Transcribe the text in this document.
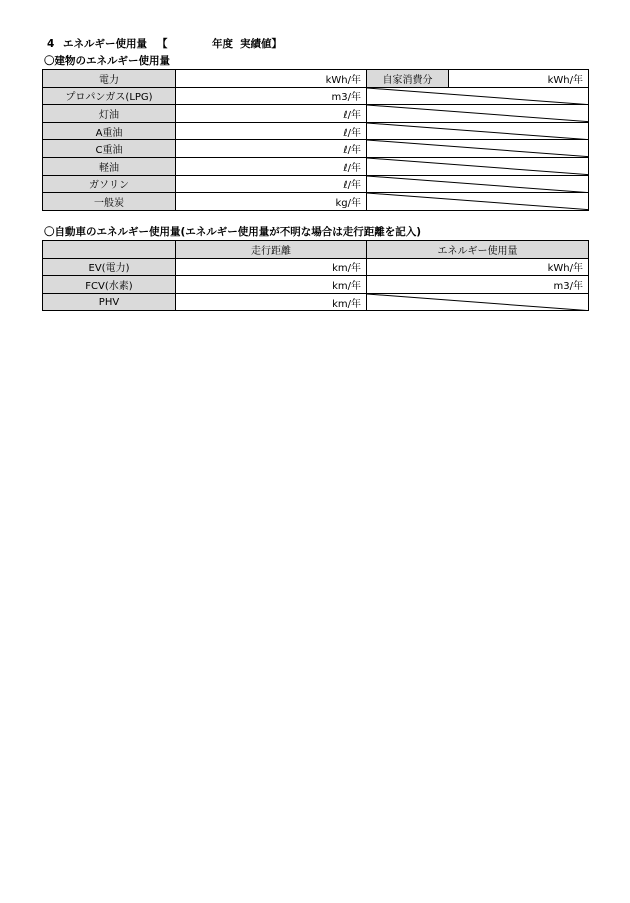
4 エネルギー使用量 【	年度 実績値】
〇建物のエネルギー使用量
電力	kWh/年	自家消費分	kWh/年
プロパンガス(LPG)	m3/年	

灯油	ℓ/年	

A重油	ℓ/年	

C重油	ℓ/年	

軽油	ℓ/年	

ガソリン	ℓ/年	

一般炭	kg/年	
〇自動車のエネルギー使用量(エネルギー使用量が不明な場合は走行距離を記入)
	走行距離	エネルギー使用量
EV(電力)	km/年	kWh/年
FCV(水素)	km/年	m3/年
PHV	km/年	
